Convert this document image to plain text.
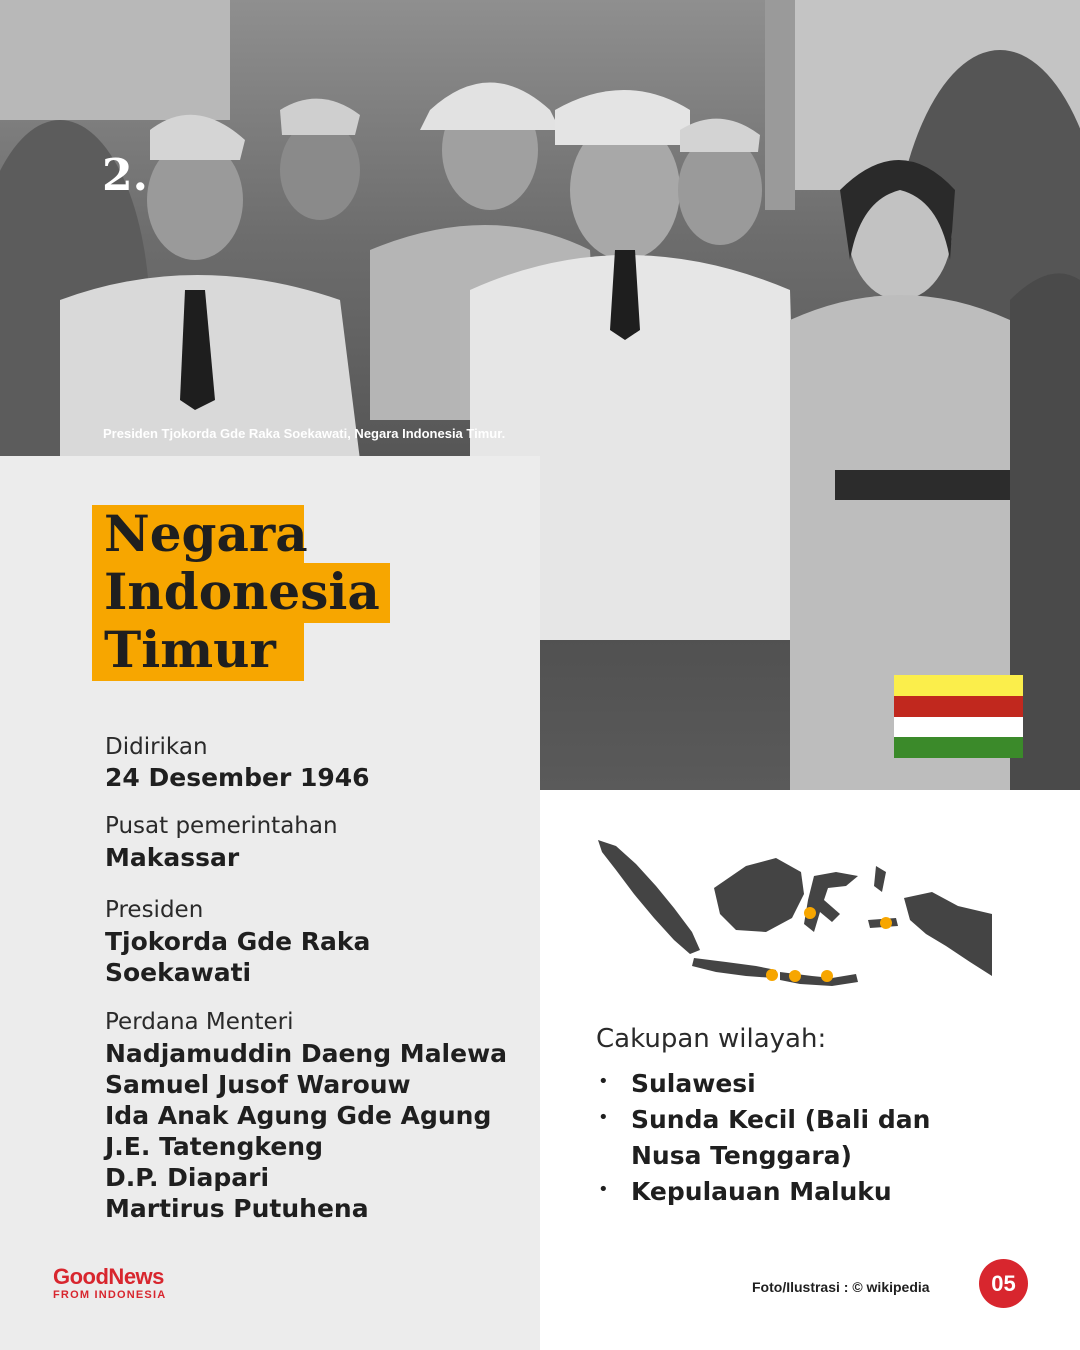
2.
Presiden Tjokorda Gde Raka Soekawati, Negara Indonesia Timur.
Negara
Indonesia
Timur
Didirikan
24 Desember 1946
Pusat pemerintahan
Makassar
Presiden
Tjokorda Gde Raka
Soekawati
Perdana Menteri
Nadjamuddin Daeng Malewa
Samuel Jusof Warouw
Ida Anak Agung Gde Agung
J.E. Tatengkeng
D.P. Diapari
Martirus Putuhena
Cakupan wilayah:
• Sulawesi
• Sunda Kecil (Bali dan
Nusa Tenggara)
• Kepulauan Maluku
GoodNews
FROM INDONESIA	Foto/Ilustrasi : © wikipedia	05
